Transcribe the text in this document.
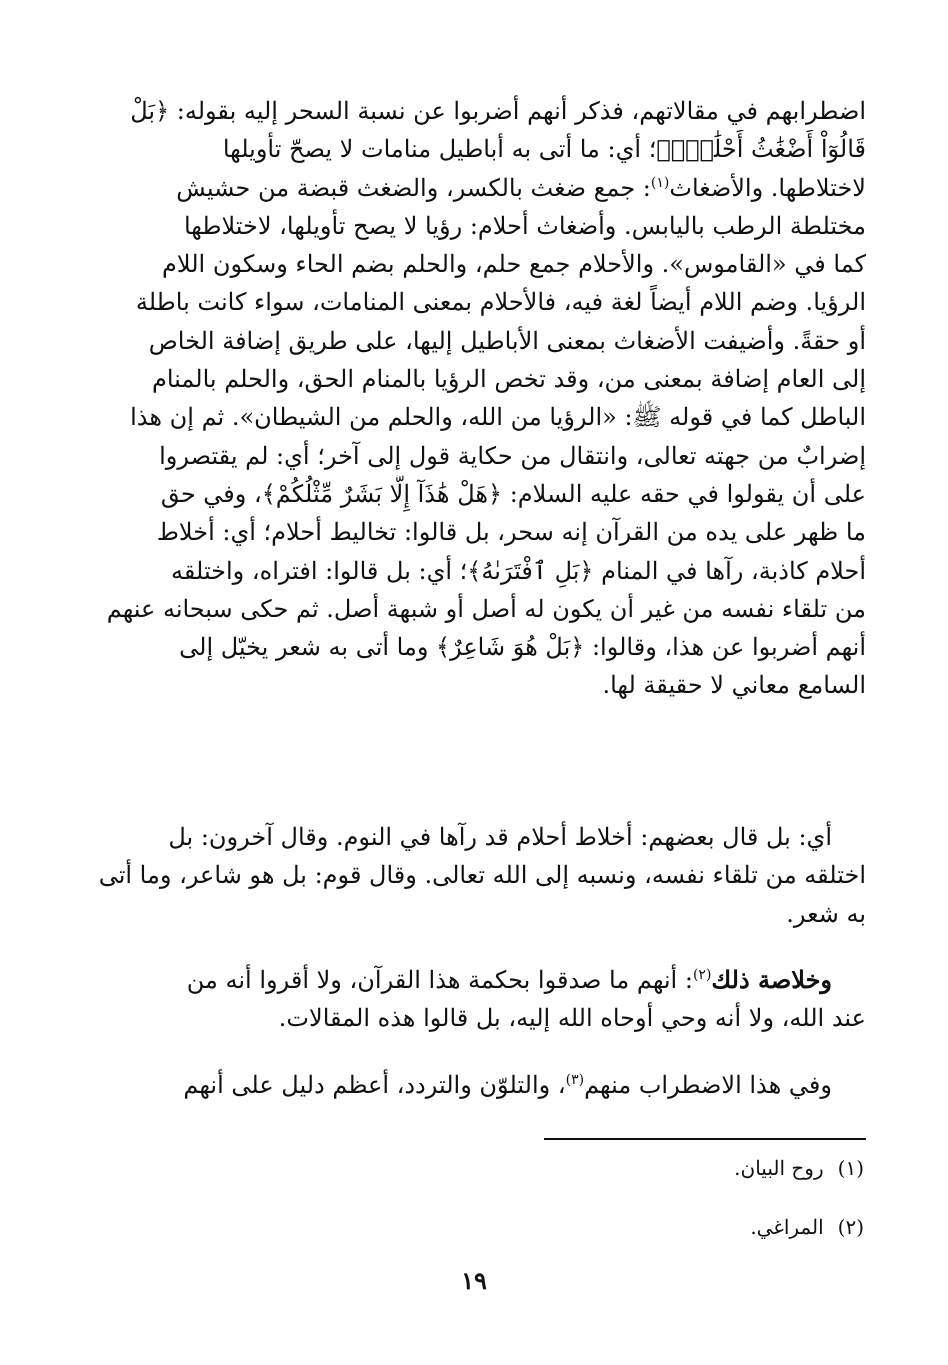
اضطرابهم في مقالاتهم، فذكر أنهم أضربوا عن نسبة السحر إليه بقوله: ﴿بَلْ
قَالُوٓاْ أَضْغَٰثُ أَحْلَٰمٍۭ﴾؛ أي: ما أتى به أباطيل منامات لا يصحّ تأويلها
لاختلاطها. والأضغاث$^{(١)}$: جمع ضغث بالكسر، والضغث قبضة من حشيش
مختلطة الرطب باليابس. وأضغاث أحلام: رؤيا لا يصح تأويلها، لاختلاطها
كما في «القاموس». والأحلام جمع حلم، والحلم بضم الحاء وسكون اللام
الرؤيا. وضم اللام أيضاً لغة فيه، فالأحلام بمعنى المنامات، سواء كانت باطلة
أو حقةً. وأضيفت الأضغاث بمعنى الأباطيل إليها، على طريق إضافة الخاص
إلى العام إضافة بمعنى من، وقد تخص الرؤيا بالمنام الحق، والحلم بالمنام
الباطل كما في قوله ﷺ: «الرؤيا من الله، والحلم من الشيطان». ثم إن هذا
إضرابٌ من جهته تعالى، وانتقال من حكاية قول إلى آخر؛ أي: لم يقتصروا
على أن يقولوا في حقه عليه السلام: ﴿هَلْ هَٰذَآ إِلَّا بَشَرٌ مِّثْلُكُمْ﴾، وفي حق
ما ظهر على يده من القرآن إنه سحر، بل قالوا: تخاليط أحلام؛ أي: أخلاط
أحلام كاذبة، رآها في المنام ﴿بَلِ ٱفْتَرَىٰهُ﴾؛ أي: بل قالوا: افتراه، واختلقه
من تلقاء نفسه من غير أن يكون له أصل أو شبهة أصل. ثم حكى سبحانه عنهم
أنهم أضربوا عن هذا، وقالوا: ﴿بَلْ هُوَ شَاعِرٌ﴾ وما أتى به شعر يخيّل إلى
السامع معاني لا حقيقة لها.
أي: بل قال بعضهم: أخلاط أحلام قد رآها في النوم. وقال آخرون: بل
اختلقه من تلقاء نفسه، ونسبه إلى الله تعالى. وقال قوم: بل هو شاعر، وما أتى
به شعر.
وخلاصة ذلك$^{(٢)}$: أنهم ما صدقوا بحكمة هذا القرآن، ولا أقروا أنه من
عند الله، ولا أنه وحي أوحاه الله إليه، بل قالوا هذه المقالات.
وفي هذا الاضطراب منهم$^{(٣)}$، والتلوّن والتردد، أعظم دليل على أنهم
(١)روح البيان.
(٢)المراغي.
١٩
